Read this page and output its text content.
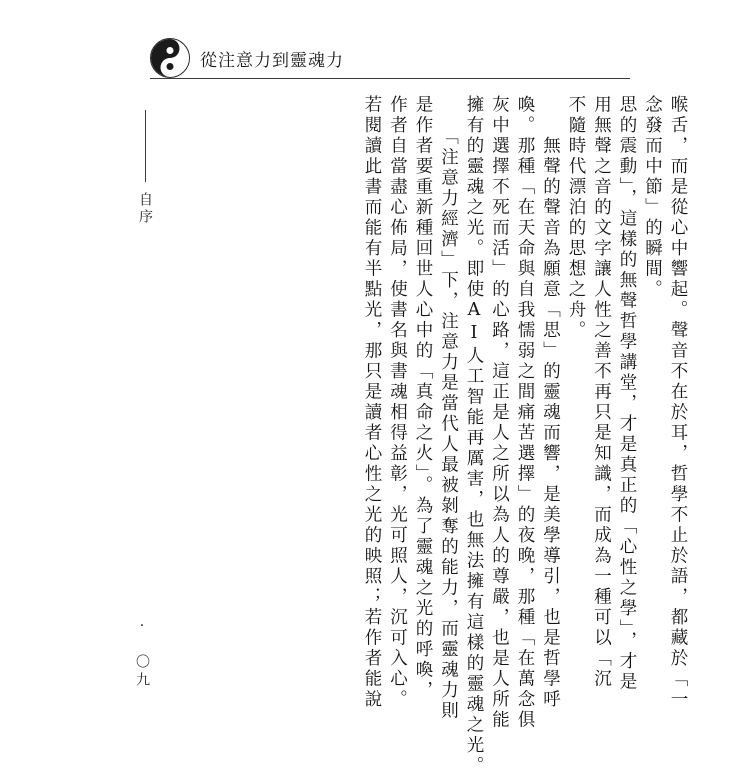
從注意力到靈魂力
自序
. 〇九	喉舌，而是從心中響起。聲音不在於耳，哲學不止於語，都藏於「一
念發而中節」的瞬間。
思的震動」，這樣的無聲哲學講堂，才是真正的「心性之學」，才是
用無聲之音的文字讓人性之善不再只是知識，而成為一種可以「沉
不隨時代漂泊的思想之舟。
　　無聲的聲音為願意「思」的靈魂而響，是美學導引，也是哲學呼
喚。那種「在天命與自我懦弱之間痛苦選擇」的夜晚，那種「在萬念俱
灰中選擇不死而活」的心路，這正是人之所以為人的尊嚴，也是人所能
擁有的靈魂之光。即使AI人工智能再厲害，也無法擁有這樣的靈魂之光。
　　「注意力經濟」下，注意力是當代人最被剝奪的能力，而靈魂力則
是作者要重新種回世人心中的「真命之火」。為了靈魂之光的呼喚，
作者自當盡心佈局，使書名與書魂相得益彰，光可照人，沉可入心。
若閱讀此書而能有半點光，那只是讀者心性之光的映照；若作者能說
